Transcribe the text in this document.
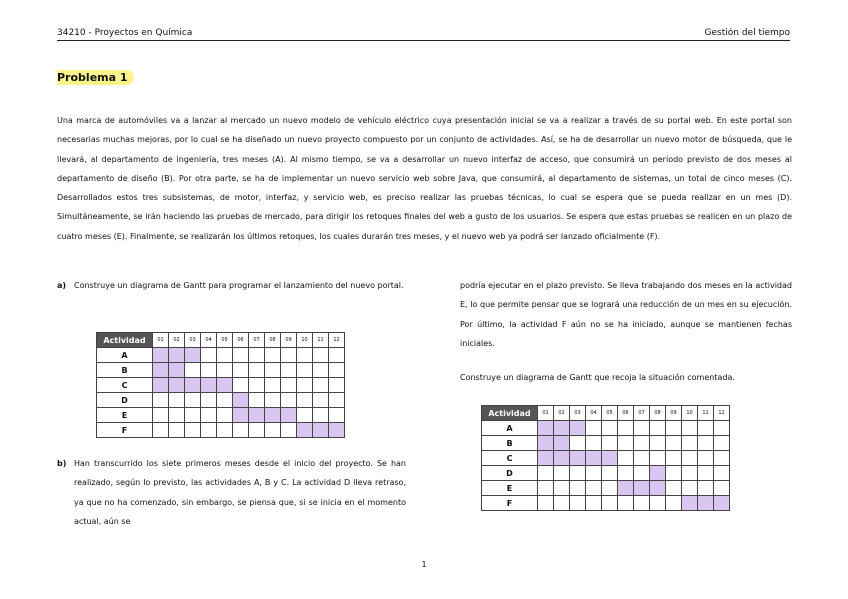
34210 - Proyectos en Química	Gestión del tiempo
Problema 1

Una marca de automóviles va a lanzar al mercado un nuevo modelo de vehículo eléctrico cuya presentación inicial se va a realizar a través de su portal web. En este portal son necesarias muchas mejoras, por lo cual se ha diseñado un nuevo proyecto compuesto por un conjunto de actividades. Así, se ha de desarrollar un nuevo motor de búsqueda, que le llevará, al departamento de ingeniería, tres meses (A). Al mismo tiempo, se va a desarrollar un nuevo interfaz de acceso, que consumirá un período previsto de dos meses al departamento de diseño (B). Por otra parte, se ha de implementar un nuevo servicio web sobre Java, que consumirá, al departamento de sistemas, un total de cinco meses (C). Desarrollados estos tres subsistemas, de motor, interfaz, y servicio web, es preciso realizar las pruebas técnicas, lo cual se espera que se pueda realizar en un mes (D). Simultáneamente, se irán haciendo las pruebas de mercado, para dirigir los retoques finales del web a gusto de los usuarios. Se espera que estas pruebas se realicen en un plazo de cuatro meses (E). Finalmente, se realizarán los últimos retoques, los cuales durarán tres meses, y el nuevo web ya podrá ser lanzado oficialmente (F).

a) Construye un diagrama de Gantt para programar el lanzamiento del nuevo portal.
Actividad	01	02	03	04	05	06	07	08	09	10	11	12
A												
B												
C												
D												
E												
F												
b) Han transcurrido los siete primeros meses desde el inicio del proyecto. Se han realizado, según lo previsto, las actividades A, B y C. La actividad D lleva retraso, ya que no ha comenzado, sin embargo, se piensa que, si se inicia en el momento actual, aún se

podría ejecutar en el plazo previsto. Se lleva trabajando dos meses en la actividad E, lo que permite pensar que se logrará una reducción de un mes en su ejecución. Por último, la actividad F aún no se ha iniciado, aunque se mantienen fechas iniciales.

Construye un diagrama de Gantt que recoja la situación comentada.

Actividad	01	02	03	04	05	06	07	08	09	10	11	12
A												
B												
C												
D												
E												
F												
1
